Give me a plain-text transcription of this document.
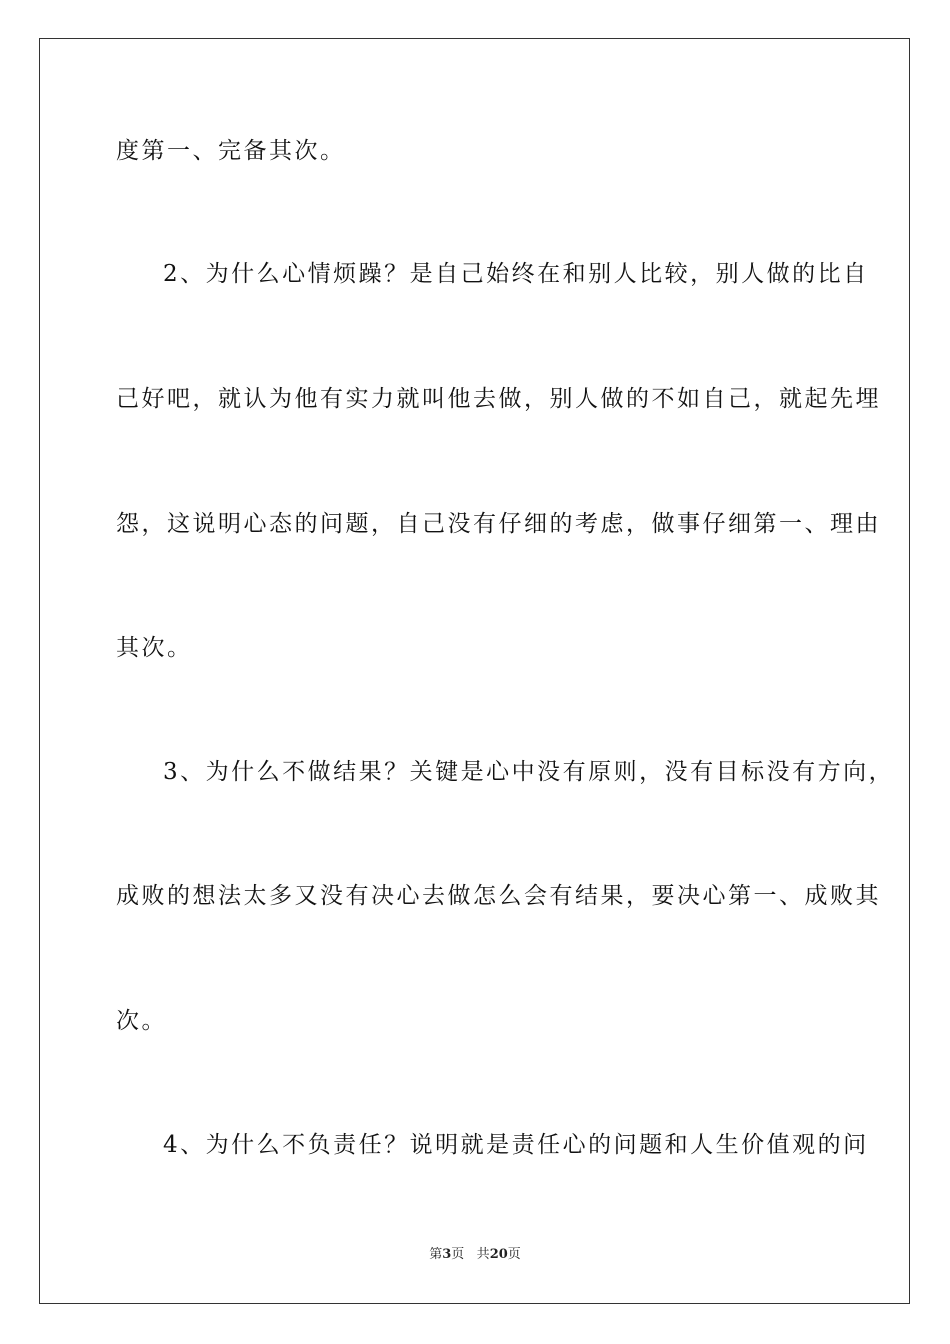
度第一、完备其次。
2、为什么心情烦躁？是自己始终在和别人比较，别人做的比自
己好吧，就认为他有实力就叫他去做，别人做的不如自己，就起先埋
怨，这说明心态的问题，自己没有仔细的考虑，做事仔细第一、理由
其次。
3、为什么不做结果？关键是心中没有原则，没有目标没有方向，
成败的想法太多又没有决心去做怎么会有结果，要决心第一、成败其
次。
4、为什么不负责任？说明就是责任心的问题和人生价值观的问
第3页 共20页
